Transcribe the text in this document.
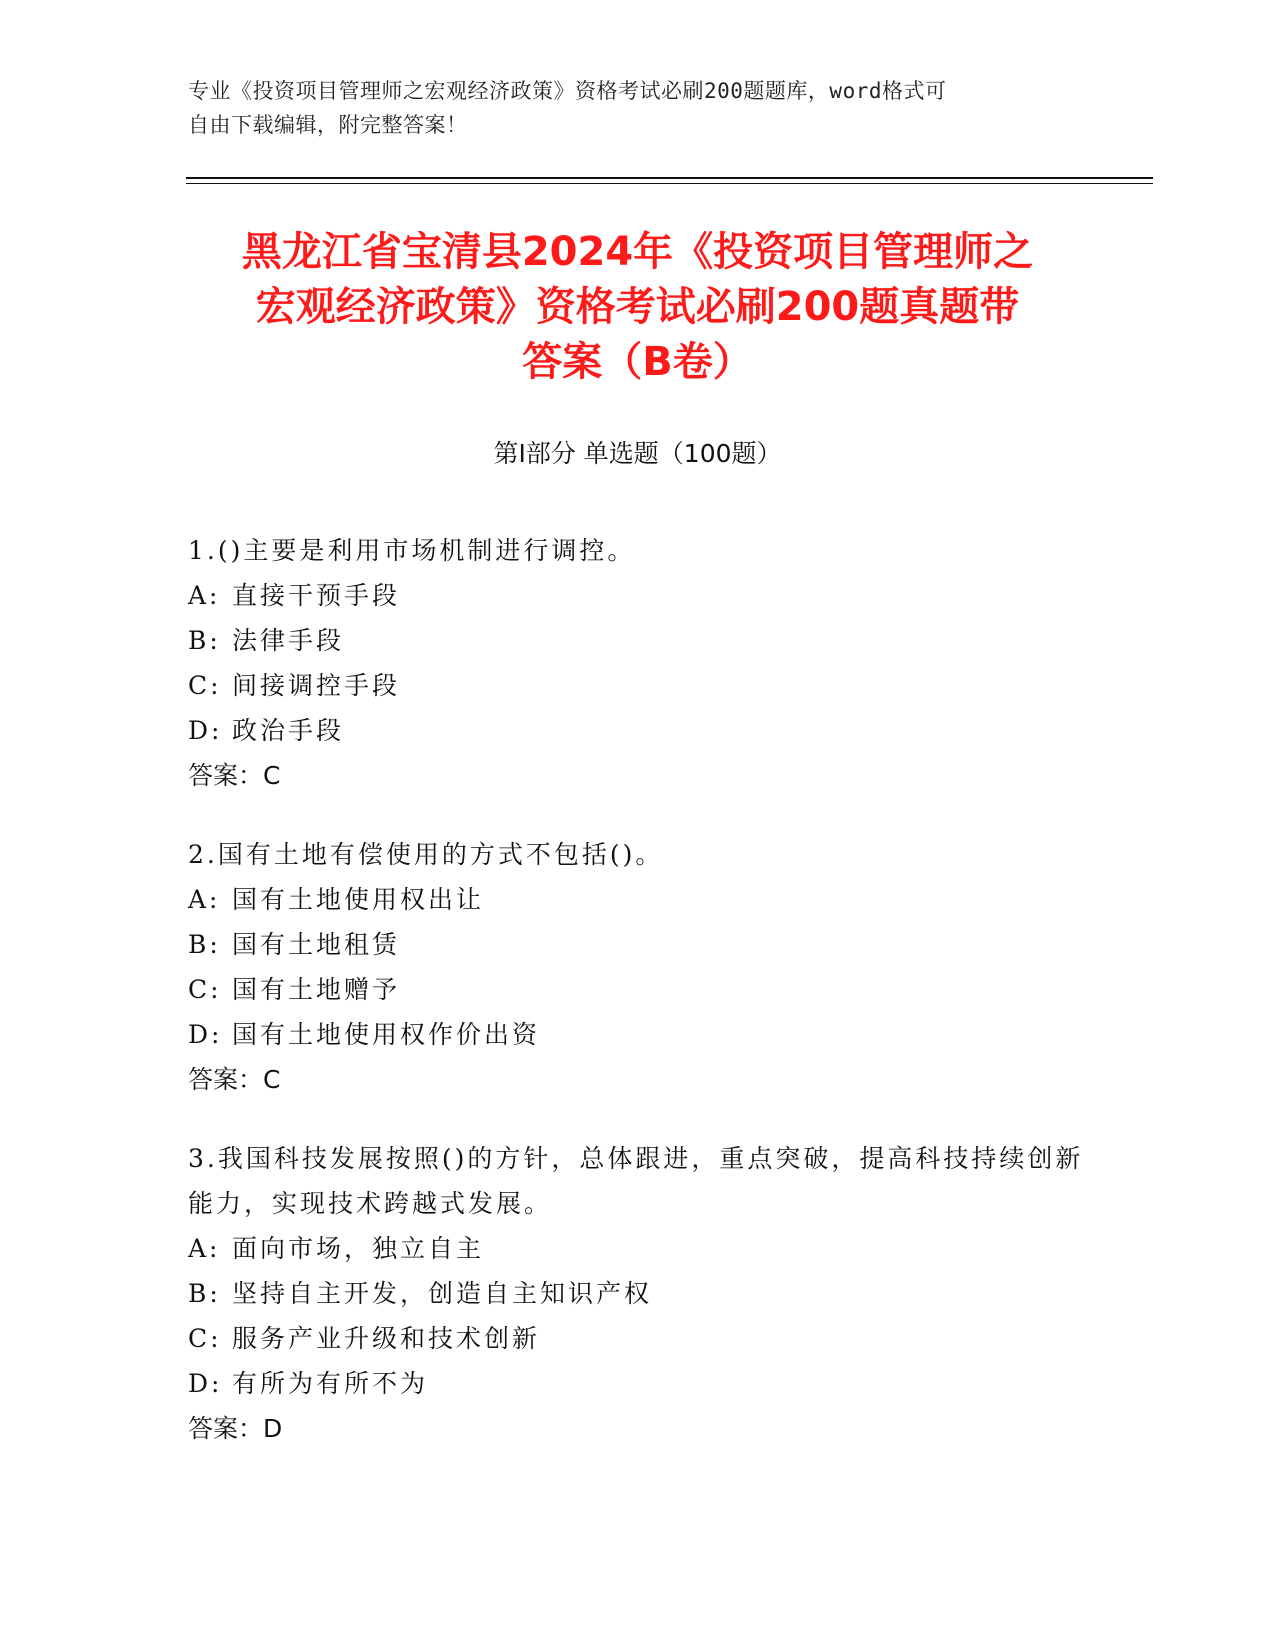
专业《投资项目管理师之宏观经济政策》资格考试必刷200题题库，word格式可
自由下载编辑，附完整答案！
黑龙江省宝清县2024年《投资项目管理师之
宏观经济政策》资格考试必刷200题真题带
答案（B卷）
第Ⅰ部分 单选题（100题）
1.()主要是利用市场机制进行调控。
A: 直接干预手段
B: 法律手段
C: 间接调控手段
D: 政治手段
答案：C
2.国有土地有偿使用的方式不包括()。
A: 国有土地使用权出让
B: 国有土地租赁
C: 国有土地赠予
D: 国有土地使用权作价出资
答案：C
3.我国科技发展按照()的方针，总体跟进，重点突破，提高科技持续创新能力，实现技术跨越式发展。
A: 面向市场，独立自主
B: 坚持自主开发，创造自主知识产权
C: 服务产业升级和技术创新
D: 有所为有所不为
答案：D
